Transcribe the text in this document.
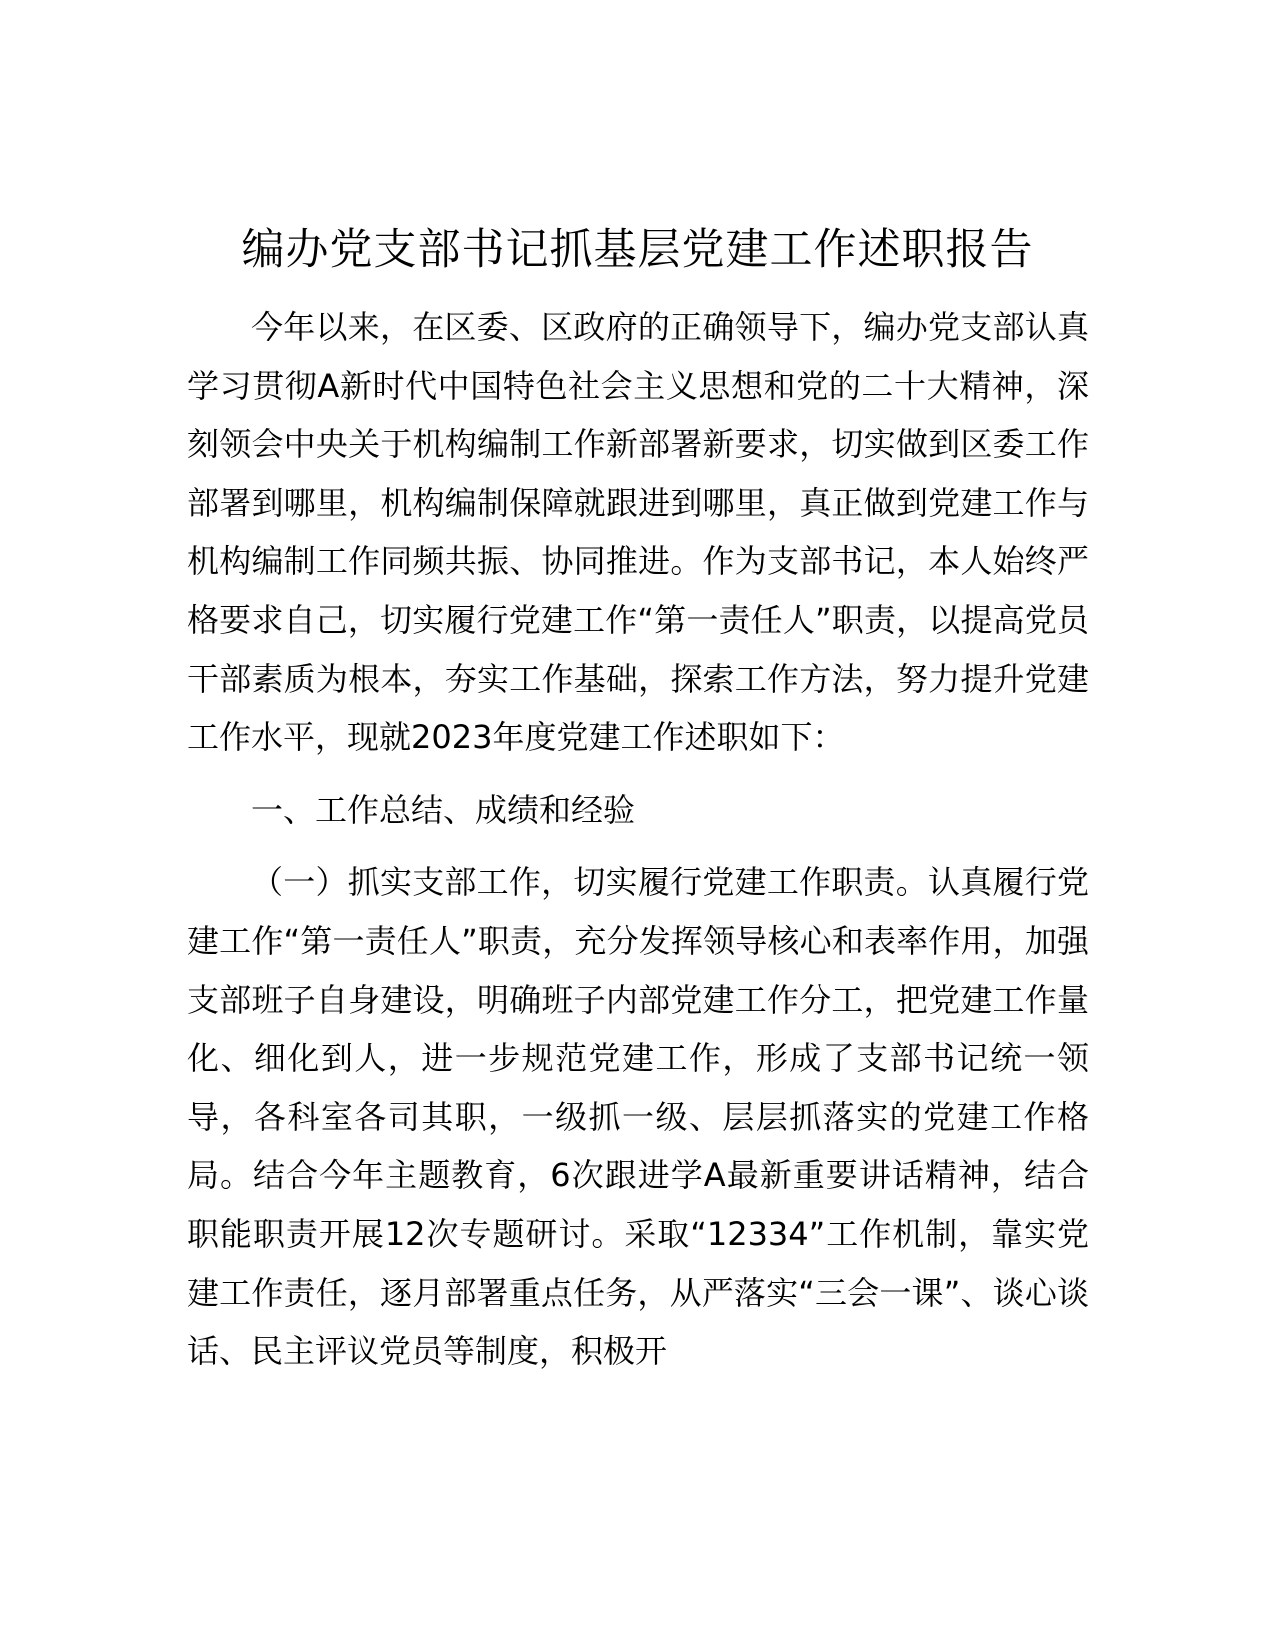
编办党支部书记抓基层党建工作述职报告

今年以来，在区委、区政府的正确领导下，编办党支部认真学习贯彻A新时代中国特色社会主义思想和党的二十大精神，深刻领会中央关于机构编制工作新部署新要求，切实做到区委工作部署到哪里，机构编制保障就跟进到哪里，真正做到党建工作与机构编制工作同频共振、协同推进。作为支部书记，本人始终严格要求自己，切实履行党建工作“第一责任人”职责，以提高党员干部素质为根本，夯实工作基础，探索工作方法，努力提升党建工作水平，现就2023年度党建工作述职如下：

一、工作总结、成绩和经验

（一）抓实支部工作，切实履行党建工作职责。认真履行党建工作“第一责任人”职责，充分发挥领导核心和表率作用，加强支部班子自身建设，明确班子内部党建工作分工，把党建工作量化、细化到人，进一步规范党建工作，形成了支部书记统一领导，各科室各司其职，一级抓一级、层层抓落实的党建工作格局。结合今年主题教育，6次跟进学A最新重要讲话精神，结合职能职责开展12次专题研讨。采取“12334”工作机制，靠实党建工作责任，逐月部署重点任务，从严落实“三会一课”、谈心谈话、民主评议党员等制度，积极开
